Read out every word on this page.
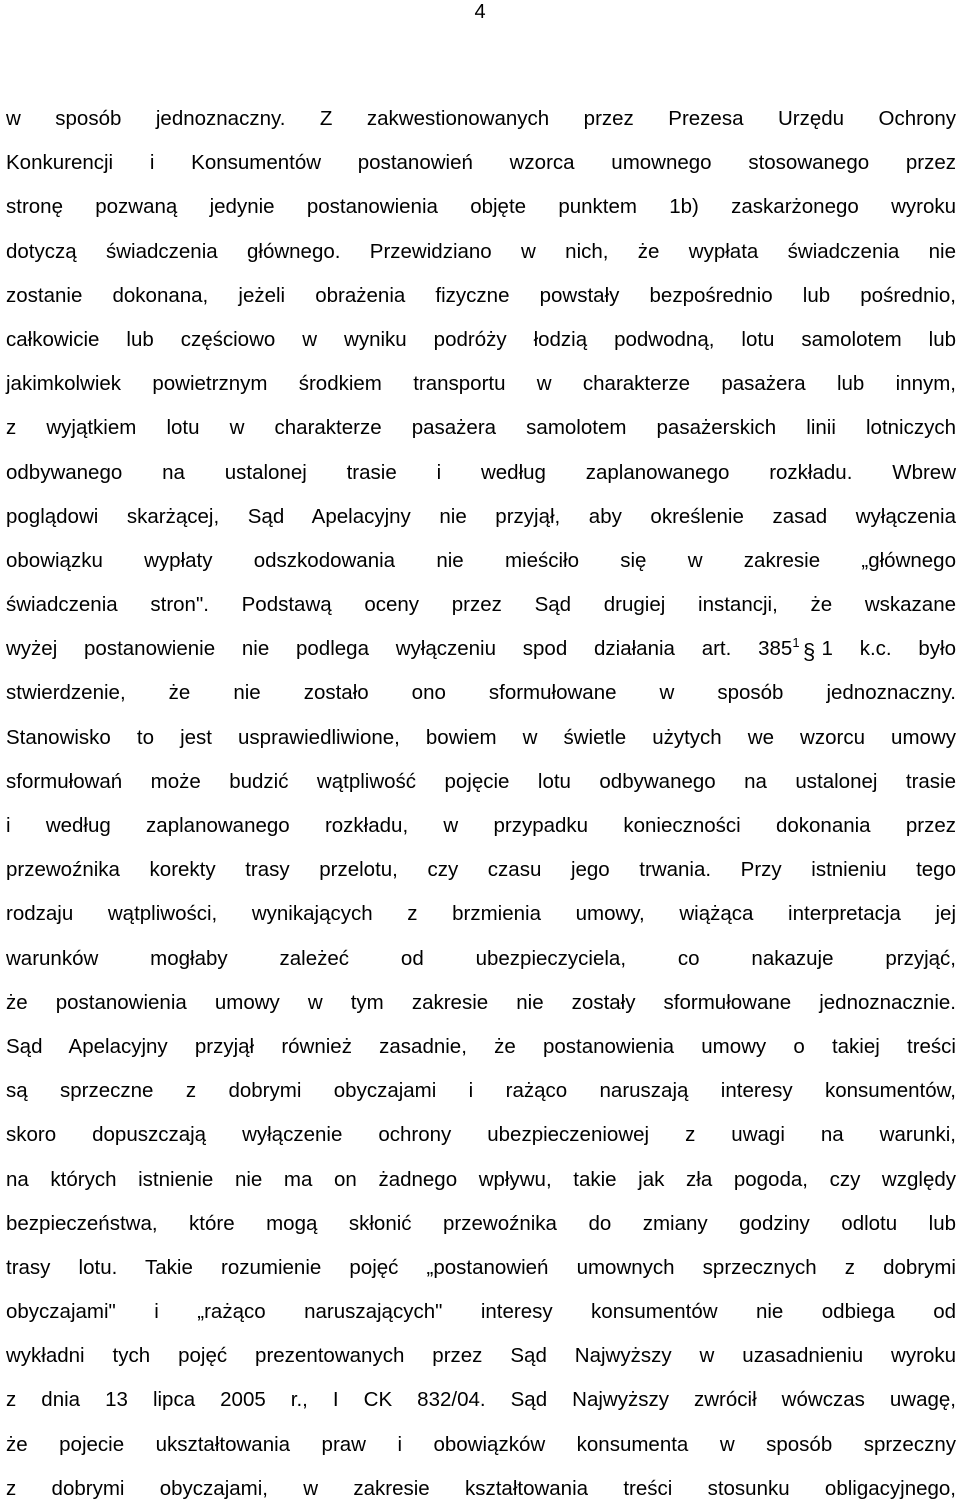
4
w sposób jednoznaczny. Z zakwestionowanych przez Prezesa Urzędu Ochrony
Konkurencji i Konsumentów postanowień wzorca umownego stosowanego przez
stronę pozwaną jedynie postanowienia objęte punktem 1b) zaskarżonego wyroku
dotyczą świadczenia głównego. Przewidziano w nich, że wypłata świadczenia nie
zostanie dokonana, jeżeli obrażenia fizyczne powstały bezpośrednio lub pośrednio,
całkowicie lub częściowo w wyniku podróży łodzią podwodną, lotu samolotem lub
jakimkolwiek powietrznym środkiem transportu w charakterze pasażera lub innym,
z wyjątkiem lotu w charakterze pasażera samolotem pasażerskich linii lotniczych
odbywanego na ustalonej trasie i według zaplanowanego rozkładu. Wbrew
poglądowi skarżącej, Sąd Apelacyjny nie przyjął, aby określenie zasad wyłączenia
obowiązku wypłaty odszkodowania nie mieściło się w zakresie „głównego
świadczenia stron". Podstawą oceny przez Sąd drugiej instancji, że wskazane
wyżej postanowienie nie podlega wyłączeniu spod działania art. $385^1$ § 1 k.c. było
stwierdzenie, że nie zostało ono sformułowane w sposób jednoznaczny.
Stanowisko to jest usprawiedliwione, bowiem w świetle użytych we wzorcu umowy
sformułowań może budzić wątpliwość pojęcie lotu odbywanego na ustalonej trasie
i według zaplanowanego rozkładu, w przypadku konieczności dokonania przez
przewoźnika korekty trasy przelotu, czy czasu jego trwania. Przy istnieniu tego
rodzaju wątpliwości, wynikających z brzmienia umowy, wiążąca interpretacja jej
warunków mogłaby zależeć od ubezpieczyciela, co nakazuje przyjąć,
że postanowienia umowy w tym zakresie nie zostały sformułowane jednoznacznie.
Sąd Apelacyjny przyjął również zasadnie, że postanowienia umowy o takiej treści
są sprzeczne z dobrymi obyczajami i rażąco naruszają interesy konsumentów,
skoro dopuszczają wyłączenie ochrony ubezpieczeniowej z uwagi na warunki,
na których istnienie nie ma on żadnego wpływu, takie jak zła pogoda, czy względy
bezpieczeństwa, które mogą skłonić przewoźnika do zmiany godziny odlotu lub
trasy lotu. Takie rozumienie pojęć „postanowień umownych sprzecznych z dobrymi
obyczajami" i „rażąco naruszających" interesy konsumentów nie odbiega od
wykładni tych pojęć prezentowanych przez Sąd Najwyższy w uzasadnieniu wyroku
z dnia 13 lipca 2005 r., I CK 832/04. Sąd Najwyższy zwrócił wówczas uwagę,
że pojecie ukształtowania praw i obowiązków konsumenta w sposób sprzeczny
z dobrymi obyczajami, w zakresie kształtowania treści stosunku obligacyjnego,
